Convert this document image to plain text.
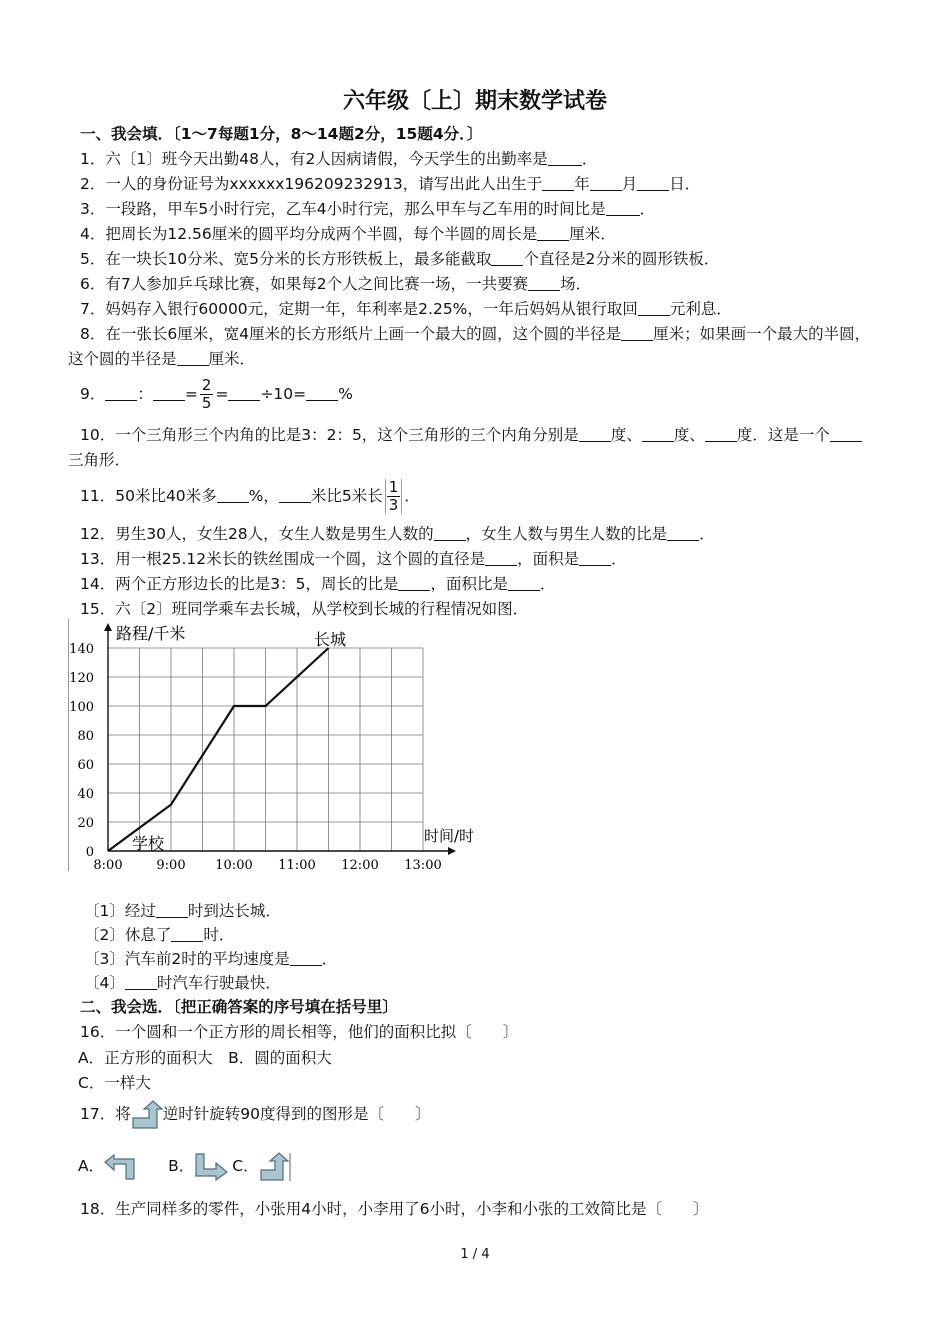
六年级〔上〕期末数学试卷
一、我会填．〔1～7每题1分，8～14题2分，15题4分．〕
1．六〔1〕班今天出勤48人，有2人因病请假，今天学生的出勤率是 ．
2．一人的身份证号为xxxxxx196209232913，请写出此人出生于 年 月 日．
3．一段路，甲车5小时行完，乙车4小时行完，那么甲车与乙车用的时间比是 ．
4．把周长为12.56厘米的圆平均分成两个半圆，每个半圆的周长是 厘米．
5．在一块长10分米、宽5分米的长方形铁板上，最多能截取 个直径是2分米的圆形铁板．
6．有7人参加乒乓球比赛，如果每2个人之间比赛一场，一共要赛 场．
7．妈妈存入银行60000元，定期一年，年利率是2.25%，一年后妈妈从银行取回 元利息．
8．在一张长6厘米，宽4厘米的长方形纸片上画一个最大的圆，这个圆的半径是 厘米；如果画一个最大的半圆，这个圆的半径是 厘米．
9． ： = $\frac{2}{5} = \div 10=$ %
10．一个三角形三个内角的比是3：2：5，这个三角形的三个内角分别是 度、 度、 度．这是一个三角形．
11．50米比40米多 %， 米比5米长 $\frac{1}{3}$ ．
12．男生30人，女生28人，女生人数是男生人数的 ，女生人数与男生人数的比是 ．
13．用一根25.12米长的铁丝围成一个圆，这个圆的直径是 ，面积是 ．
14．两个正方形边长的比是3：5，周长的比是 ，面积比是 ．
15．六〔2〕班同学乘车去长城，从学校到长城的行程情况如图．
0
20
40
60
80
100
120
140
8:00	9:00 10:00 11:00 12:00 13:00
路程/千米
时间/时
长城
学校
〔1〕经过 时到达长城．
〔2〕休息了 时．
〔3〕汽车前2时的平均速度是 ．
〔4〕 时汽车行驶最快．
二、我会选．〔把正确答案的序号填在括号里〕
16．一个圆和一个正方形的周长相等，他们的面积比拟〔　　〕
A．正方形的面积大　B．圆的面积大
C．一样大
17．将 逆时针旋转90度得到的图形是〔　　〕
A．	B． C．
18．生产同样多的零件，小张用4小时，小李用了6小时，小李和小张的工效简比是〔　　〕
1 / 4
